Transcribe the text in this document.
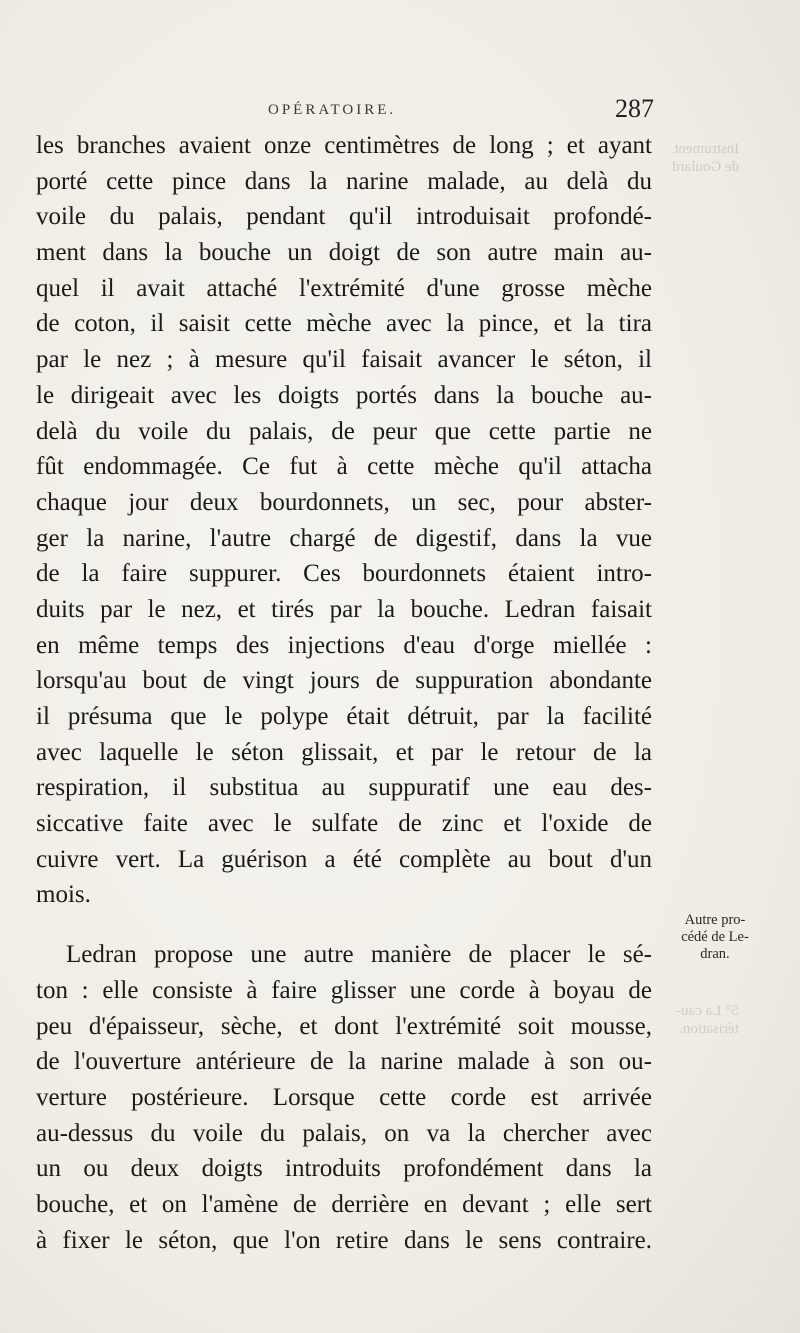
Instrument
de Goulard
5° La cau-
térisation.
OPÉRATOIRE.	287
les branches avaient onze centimètres de long ; et ayant
porté cette pince dans la narine malade, au delà du
voile du palais, pendant qu'il introduisait profondé-
ment dans la bouche un doigt de son autre main au-
quel il avait attaché l'extrémité d'une grosse mèche
de coton, il saisit cette mèche avec la pince, et la tira
par le nez ; à mesure qu'il faisait avancer le séton, il
le dirigeait avec les doigts portés dans la bouche au-
delà du voile du palais, de peur que cette partie ne
fût endommagée. Ce fut à cette mèche qu'il attacha
chaque jour deux bourdonnets, un sec, pour abster-
ger la narine, l'autre chargé de digestif, dans la vue
de la faire suppurer. Ces bourdonnets étaient intro-
duits par le nez, et tirés par la bouche. Ledran faisait
en même temps des injections d'eau d'orge miellée :
lorsqu'au bout de vingt jours de suppuration abondante
il présuma que le polype était détruit, par la facilité
avec laquelle le séton glissait, et par le retour de la
respiration, il substitua au suppuratif une eau des-
siccative faite avec le sulfate de zinc et l'oxide de
cuivre vert. La guérison a été complète au bout d'un
mois.
Ledran propose une autre manière de placer le sé-
ton : elle consiste à faire glisser une corde à boyau de
peu d'épaisseur, sèche, et dont l'extrémité soit mousse,
de l'ouverture antérieure de la narine malade à son ou-
verture postérieure. Lorsque cette corde est arrivée
au-dessus du voile du palais, on va la chercher avec
un ou deux doigts introduits profondément dans la
bouche, et on l'amène de derrière en devant ; elle sert
à fixer le séton, que l'on retire dans le sens contraire.
Autre pro-
cédé de Le-
dran.
